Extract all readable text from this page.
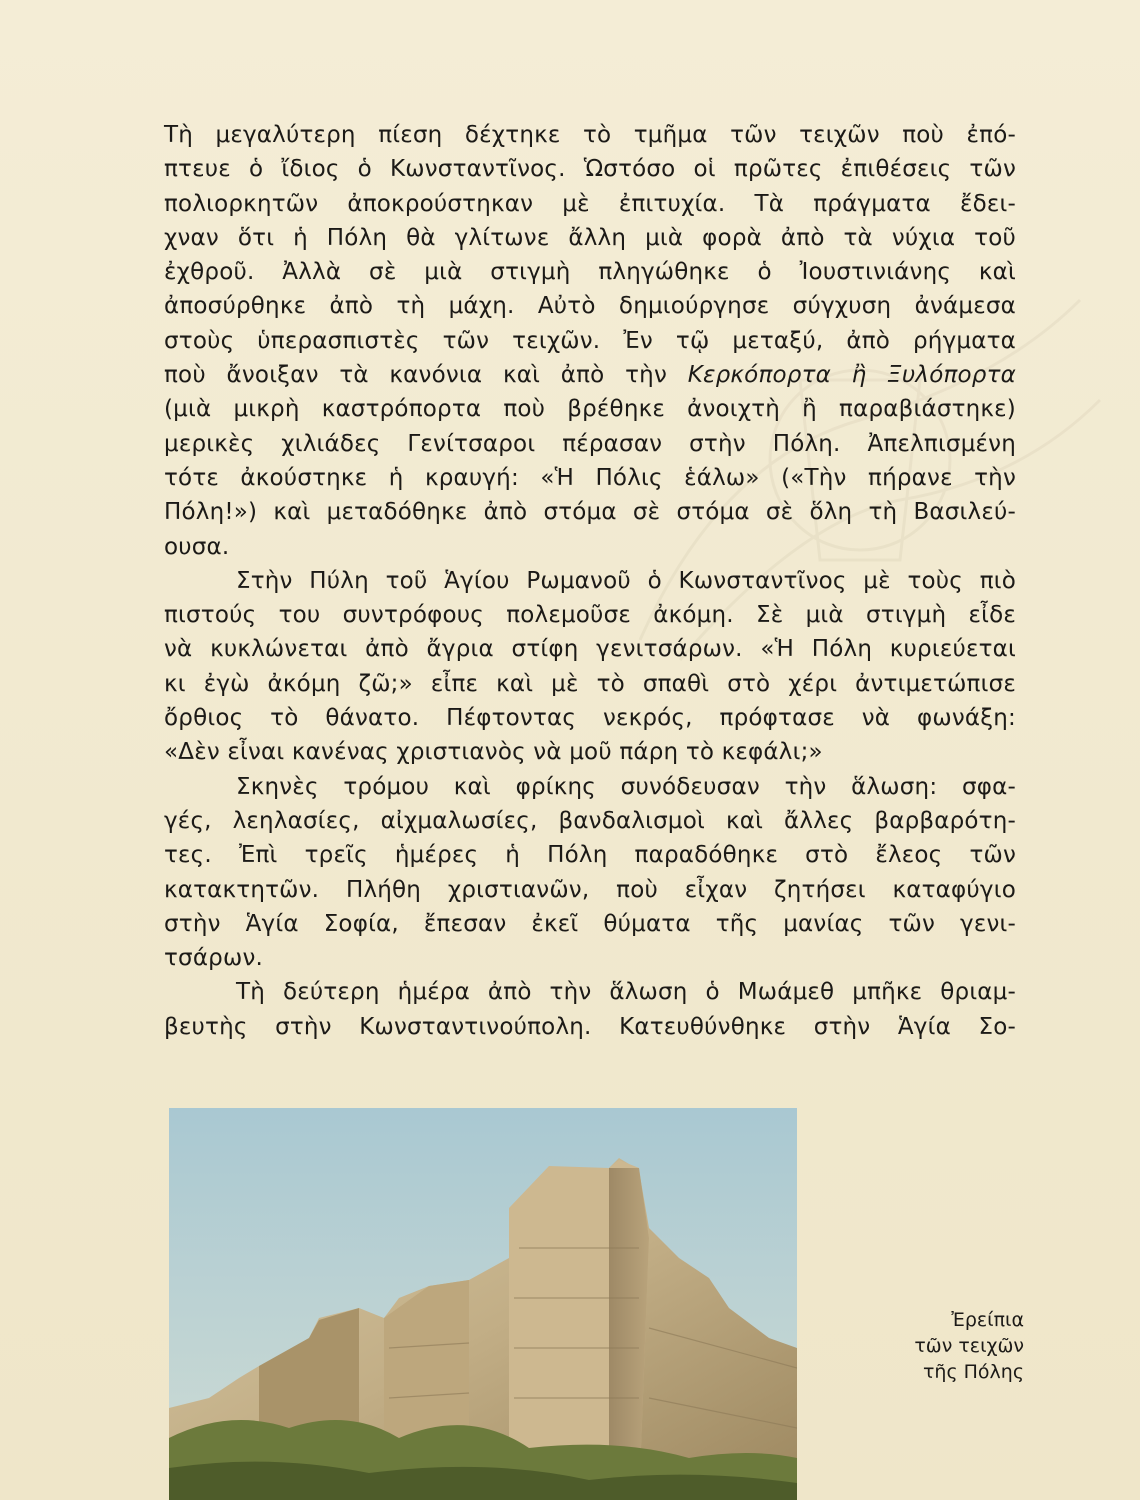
Τὴ μεγαλύτερη πίεση δέχτηκε τὸ τμῆμα τῶν τειχῶν ποὺ ἐπό-
πτευε ὁ ἴδιος ὁ Κωνσταντῖνος. Ὡστόσο οἱ πρῶτες ἐπιθέσεις τῶν
πολιορκητῶν ἀποκρούστηκαν μὲ ἐπιτυχία. Τὰ πράγματα ἔδει-
χναν ὅτι ἡ Πόλη θὰ γλίτωνε ἄλλη μιὰ φορὰ ἀπὸ τὰ νύχια τοῦ
ἐχθροῦ. Ἀλλὰ σὲ μιὰ στιγμὴ πληγώθηκε ὁ Ἰουστινιάνης καὶ
ἀποσύρθηκε ἀπὸ τὴ μάχη. Αὐτὸ δημιούργησε σύγχυση ἀνάμεσα
στοὺς ὑπερασπιστὲς τῶν τειχῶν. Ἐν τῷ μεταξύ, ἀπὸ ρήγματα
ποὺ ἄνοιξαν τὰ κανόνια καὶ ἀπὸ τὴν Κερκόπορτα ἢ Ξυλόπορτα
(μιὰ μικρὴ καστρόπορτα ποὺ βρέθηκε ἀνοιχτὴ ἢ παραβιάστηκε)
μερικὲς χιλιάδες Γενίτσαροι πέρασαν στὴν Πόλη. Ἀπελπισμένη
τότε ἀκούστηκε ἡ κραυγή: «Ἡ Πόλις ἑάλω» («Τὴν πήρανε τὴν
Πόλη!») καὶ μεταδόθηκε ἀπὸ στόμα σὲ στόμα σὲ ὅλη τὴ Βασιλεύ-
ουσα.

Στὴν Πύλη τοῦ Ἁγίου Ρωμανοῦ ὁ Κωνσταντῖνος μὲ τοὺς πιὸ
πιστούς του συντρόφους πολεμοῦσε ἀκόμη. Σὲ μιὰ στιγμὴ εἶδε
νὰ κυκλώνεται ἀπὸ ἄγρια στίφη γενιτσάρων. «Ἡ Πόλη κυριεύεται
κι ἐγὼ ἀκόμη ζῶ;» εἶπε καὶ μὲ τὸ σπαθὶ στὸ χέρι ἀντιμετώπισε
ὄρθιος τὸ θάνατο. Πέφτοντας νεκρός, πρόφτασε νὰ φωνάξη:
«Δὲν εἶναι κανένας χριστιανὸς νὰ μοῦ πάρη τὸ κεφάλι;»

Σκηνὲς τρόμου καὶ φρίκης συνόδευσαν τὴν ἅλωση: σφα-
γές, λεηλασίες, αἰχμαλωσίες, βανδαλισμοὶ καὶ ἄλλες βαρβαρότη-
τες. Ἐπὶ τρεῖς ἡμέρες ἡ Πόλη παραδόθηκε στὸ ἔλεος τῶν
κατακτητῶν. Πλήθη χριστιανῶν, ποὺ εἶχαν ζητήσει καταφύγιο
στὴν Ἁγία Σοφία, ἔπεσαν ἐκεῖ θύματα τῆς μανίας τῶν γενι-
τσάρων.

Τὴ δεύτερη ἡμέρα ἀπὸ τὴν ἅλωση ὁ Μωάμεθ μπῆκε θριαμ-
βευτὴς στὴν Κωνσταντινούπολη. Κατευθύνθηκε στὴν Ἁγία Σο-

Ἐρείπια
τῶν τειχῶν
τῆς Πόλης
